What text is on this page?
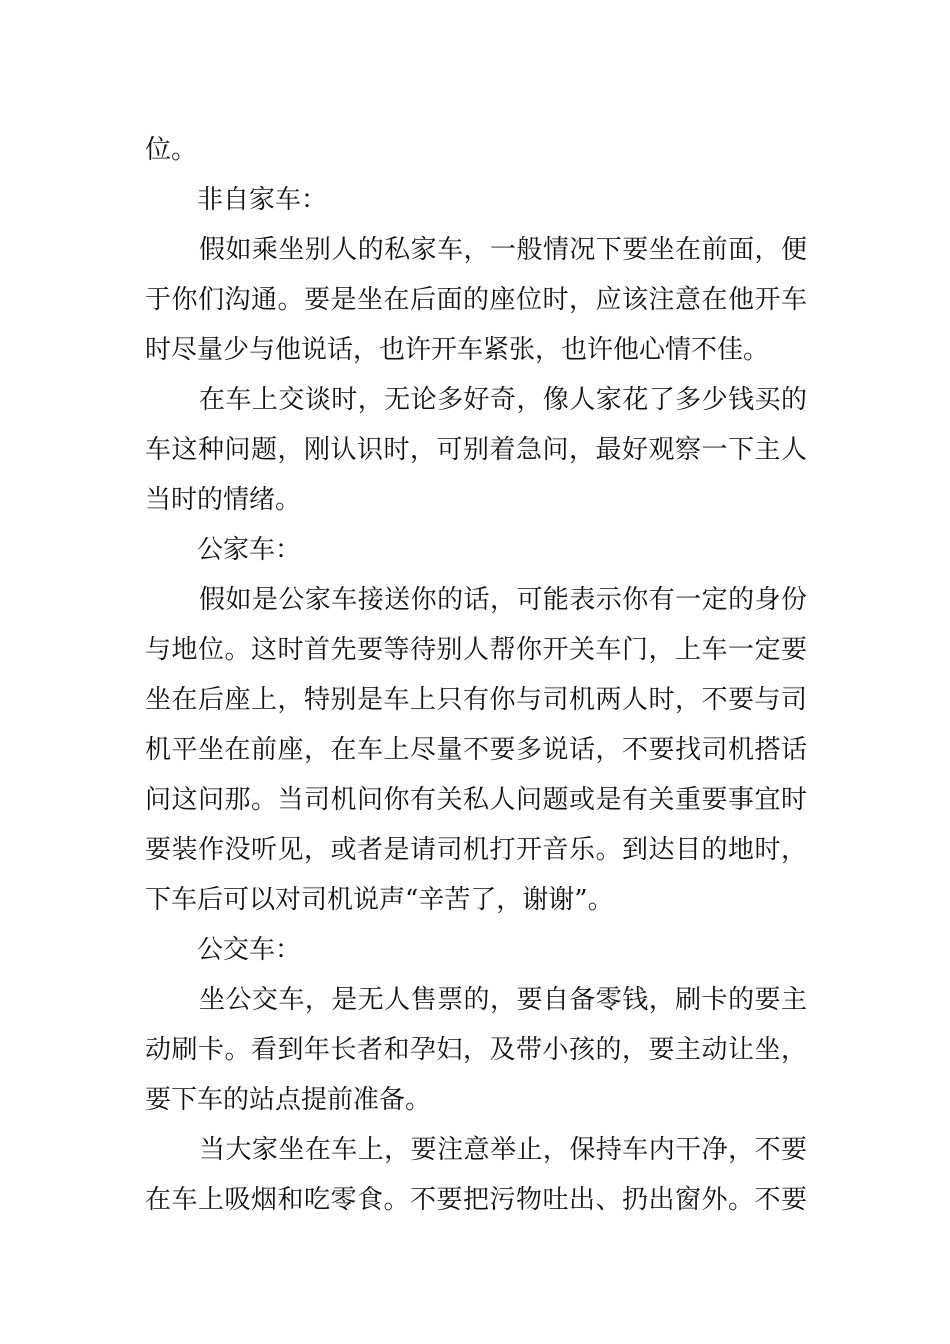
位。
非自家车：
假如乘坐别人的私家车，一般情况下要坐在前面，便
于你们沟通。要是坐在后面的座位时，应该注意在他开车
时尽量少与他说话，也许开车紧张，也许他心情不佳。
在车上交谈时，无论多好奇，像人家花了多少钱买的
车这种问题，刚认识时，可别着急问，最好观察一下主人
当时的情绪。
公家车：
假如是公家车接送你的话，可能表示你有一定的身份
与地位。这时首先要等待别人帮你开关车门，上车一定要
坐在后座上，特别是车上只有你与司机两人时，不要与司
机平坐在前座，在车上尽量不要多说话，不要找司机搭话
问这问那。当司机问你有关私人问题或是有关重要事宜时
要装作没听见，或者是请司机打开音乐。到达目的地时，
下车后可以对司机说声“辛苦了，谢谢”。
公交车：
坐公交车，是无人售票的，要自备零钱，刷卡的要主
动刷卡。看到年长者和孕妇，及带小孩的，要主动让坐，
要下车的站点提前准备。
当大家坐在车上，要注意举止，保持车内干净，不要
在车上吸烟和吃零食。不要把污物吐出、扔出窗外。不要
